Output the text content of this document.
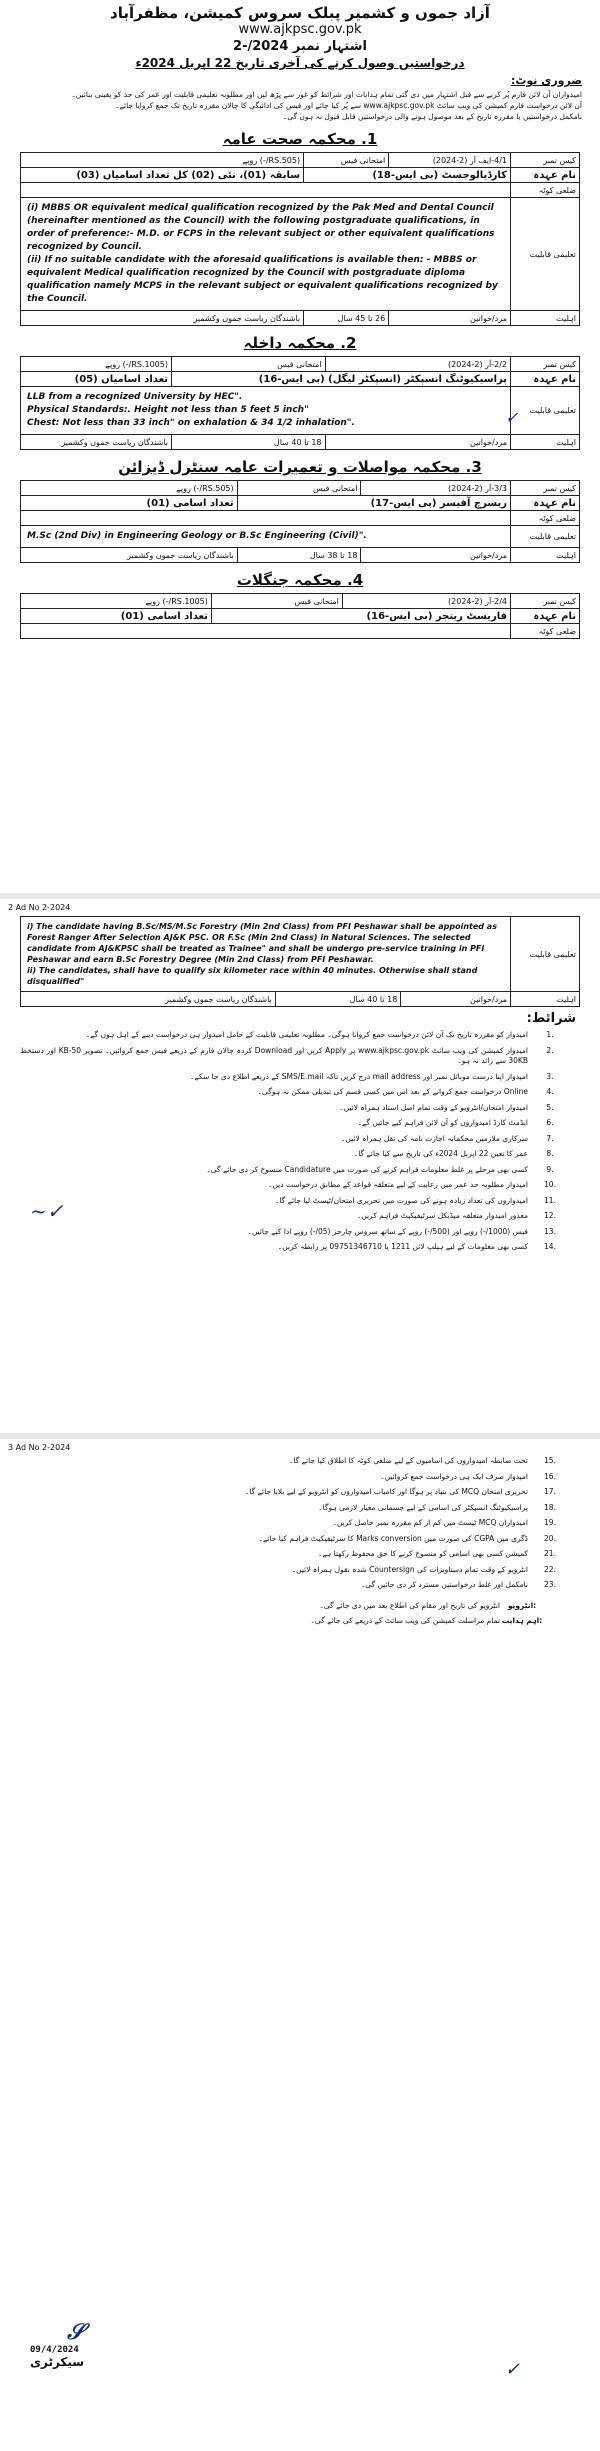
آزاد جموں و کشمیر پبلک سروس کمیشن، مظفرآباد
www.ajkpsc.gov.pk
اشتہار نمبر 2024/-2
درخواستیں وصول کرنے کی آخری تاریخ 22 اپریل 2024ء
ضروری نوٹ:
امیدواران آن لائن فارم پُر کرنے سے قبل اشتہار میں دی گئی تمام ہدایات اور شرائط کو غور سے پڑھ لیں اور مطلوبہ تعلیمی قابلیت اور عمر کی حد کو یقینی بنائیں۔
آن لائن درخواست فارم کمیشن کی ویب سائٹ www.ajkpsc.gov.pk سے پُر کیا جائے اور فیس کی ادائیگی کا چالان مقررہ تاریخ تک جمع کروایا جائے۔
نامکمل درخواستیں یا مقررہ تاریخ کے بعد موصول ہونے والی درخواستیں قابل قبول نہ ہوں گی۔
1. محکمہ صحت عامہ
کیس نمبر	4/1-ایف آر (2-2024)	امتحانی فیس	(RS.505/-) روپے
نام عہدہ	کارڈیالوجسٹ (بی ایس-18)		سابقہ (01)، نئی (02) کل تعداد اسامیاں (03)
ضلعی کوٹہ			
تعلیمی قابلیت	(i) MBBS OR equivalent medical qualification recognized by the Pak Med and Dental Council (hereinafter mentioned as the Council) with the following postgraduate qualifications, in order of preference:- M.D. or FCPS in the relevant subject or other equivalent qualifications recognized by Council.
(ii) If no suitable candidate with the aforesaid qualifications is available then: - MBBS or equivalent Medical qualification recognized by the Council with postgraduate diploma qualification namely MCPS in the relevant subject or equivalent qualifications recognized by the Council.		
اہلیت	مرد/خواتین	26 تا 45 سال	باشندگان ریاست جموں وکشمیر
2. محکمہ داخلہ
کیس نمبر	2/2-آر (2-2024)	امتحانی فیس	(RS.1005/-) روپے
نام عہدہ	پراسیکیوٹنگ انسپکٹر (انسپکٹر لیگل) (بی ایس-16)		تعداد اسامیاں (05)
تعلیمی قابلیت	LLB from a recognized University by HEC".
Physical Standards:. Height not less than 5 feet 5 inch"
Chest: Not less than 33 inch" on exhalation & 34 1/2 inhalation".		
اہلیت	مرد/خواتین	18 تا 40 سال	باشندگان ریاست جموں وکشمیر
3. محکمہ مواصلات و تعمیرات عامہ سنٹرل ڈیزائن
کیس نمبر	3/3-آر (2-2024)	امتحانی فیس	(RS.505/-) روپے
نام عہدہ	ریسرچ آفیسر (بی ایس-17)		تعداد اسامی (01)
ضلعی کوٹہ			
تعلیمی قابلیت	M.Sc (2nd Div) in Engineering Geology or B.Sc Engineering (Civil)".		
اہلیت	مرد/خواتین	18 تا 38 سال	باشندگان ریاست جموں وکشمیر
4. محکمہ جنگلات
کیس نمبر	2/4-آر (2-2024)	امتحانی فیس	(RS.1005/-) روپے
نام عہدہ	فاریسٹ رینجر (بی ایس-16)		تعداد اسامی (01)
ضلعی کوٹہ			
✓
2 Ad No 2-2024
تعلیمی قابلیت	i) The candidate having B.Sc/MS/M.Sc Forestry (Min 2nd Class) from PFI Peshawar shall be appointed as Forest Ranger After Selection AJ&K PSC. OR F.Sc (Min 2nd Class) in Natural Sciences. The selected candidate from AJ&KPSC shall be treated as Trainee" and shall be undergo pre-service training in PFI Peshawar and earn B.Sc Forestry Degree (Min 2nd Class) from PFI Peshawar.
ii) The candidates, shall have to qualify six kilometer race within 40 minutes. Otherwise shall stand disqualified"		
اہلیت	مرد/خواتین	18 تا 40 سال	باشندگان ریاست جموں وکشمیر
شرائط:
1.
امیدوار کو مقررہ تاریخ تک آن لائن درخواست جمع کروانا ہوگی۔ مطلوبہ تعلیمی قابلیت کے حامل امیدوار ہی درخواست دینے کے اہل ہوں گے۔
2.
امیدوار کمیشن کی ویب سائٹ www.ajkpsc.gov.pk پر Apply کریں اور Download کردہ چالان فارم کے ذریعے فیس جمع کروائیں۔ تصویر 50-KB اور دستخط 30KB سے زائد نہ ہو۔
3.
امیدوار اپنا درست موبائل نمبر اور mail address درج کریں تاکہ SMS/E.mail کے ذریعے اطلاع دی جا سکے۔
4.
Online درخواست جمع کروانے کے بعد اس میں کسی قسم کی تبدیلی ممکن نہ ہوگی۔
5.
امیدوار امتحان/انٹرویو کے وقت تمام اصل اسناد ہمراہ لائیں۔
6.
ایڈمٹ کارڈ امیدواروں کو آن لائن فراہم کیے جائیں گے۔
7.
سرکاری ملازمین محکمانہ اجازت نامہ کی نقل ہمراہ لائیں۔
8.
عمر کا تعین 22 اپریل 2024ء کی تاریخ سے کیا جائے گا۔
9.
کسی بھی مرحلے پر غلط معلومات فراہم کرنے کی صورت میں Candidature منسوخ کر دی جائے گی۔
10.
امیدوار مطلوبہ حد عمر میں رعایت کے لیے متعلقہ قواعد کے مطابق درخواست دیں۔
11.
امیدواروں کی تعداد زیادہ ہونے کی صورت میں تحریری امتحان/ٹیسٹ لیا جائے گا۔
12.
معذور امیدوار متعلقہ میڈیکل سرٹیفیکیٹ فراہم کریں۔
13.
فیس (1000/-) روپے اور (500/-) روپے کے ساتھ سروس چارجز (05/-) روپے ادا کیے جائیں۔
14.
کسی بھی معلومات کے لیے ہیلپ لائن 1211 یا 09751346710 پر رابطہ کریں۔
~✓
3 Ad No 2-2024
15.
تحت ضابطہ امیدواروں کی اسامیوں کے لیے ضلعی کوٹہ کا اطلاق کیا جائے گا۔
16.
امیدوار صرف ایک ہی درخواست جمع کروائیں۔
17.
تحریری امتحان MCQ کی بنیاد پر ہوگا اور کامیاب امیدواروں کو انٹرویو کے لیے بلایا جائے گا۔
18.
پراسیکیوٹنگ انسپکٹر کی اسامی کے لیے جسمانی معیار لازمی ہوگا۔
19.
امیدواران MCQ ٹیسٹ میں کم از کم مقررہ نمبر حاصل کریں۔
20.
ڈگری میں CGPA کی صورت میں Marks conversion کا سرٹیفیکیٹ فراہم کیا جائے۔
21.
کمیشن کسی بھی اسامی کو منسوخ کرنے کا حق محفوظ رکھتا ہے۔
22.
انٹرویو کے وقت تمام دستاویزات کی Countersign شدہ نقول ہمراہ لائیں۔
23.
نامکمل اور غلط درخواستیں مسترد کر دی جائیں گی۔
انٹرویو:
انٹرویو کی تاریخ اور مقام کی اطلاع بعد میں دی جائے گی۔
اہم ہدایت:
تمام مراسلت کمیشن کی ویب سائٹ کے ذریعے کی جائے گی۔
𝒮
09/4/2024
سیکرٹری	✓
